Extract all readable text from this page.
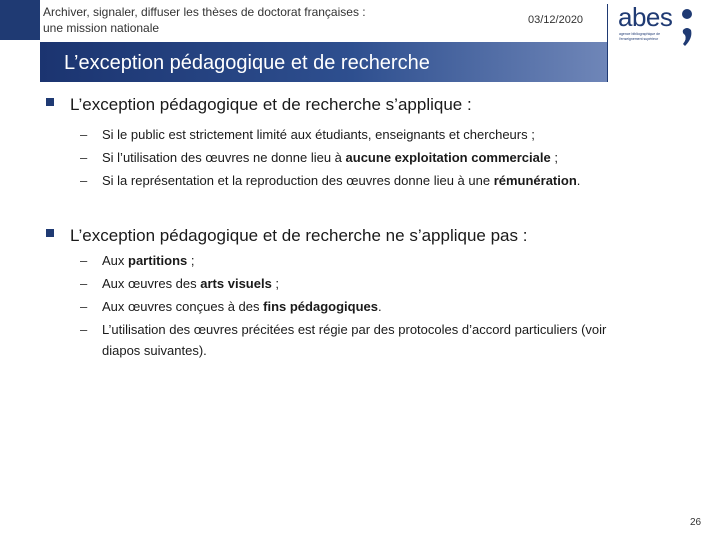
Archiver, signaler, diffuser les thèses de doctorat françaises :
une mission nationale
03/12/2020 abes
agence bibliographique de l’enseignement supérieur
L’exception pédagogique et de recherche
L’exception pédagogique et de recherche s’applique :
– Si le public est strictement limité aux étudiants, enseignants et chercheurs ;
– Si l’utilisation des œuvres ne donne lieu à aucune exploitation commerciale ;
– Si la représentation et la reproduction des œuvres donne lieu à une rémunération.
L’exception pédagogique et de recherche ne s’applique pas :
– Aux partitions ;
– Aux œuvres des arts visuels ;
– Aux œuvres conçues à des fins pédagogiques.
– L’utilisation des œuvres précitées est régie par des protocoles d’accord particuliers (voir
diapos suivantes).
26
